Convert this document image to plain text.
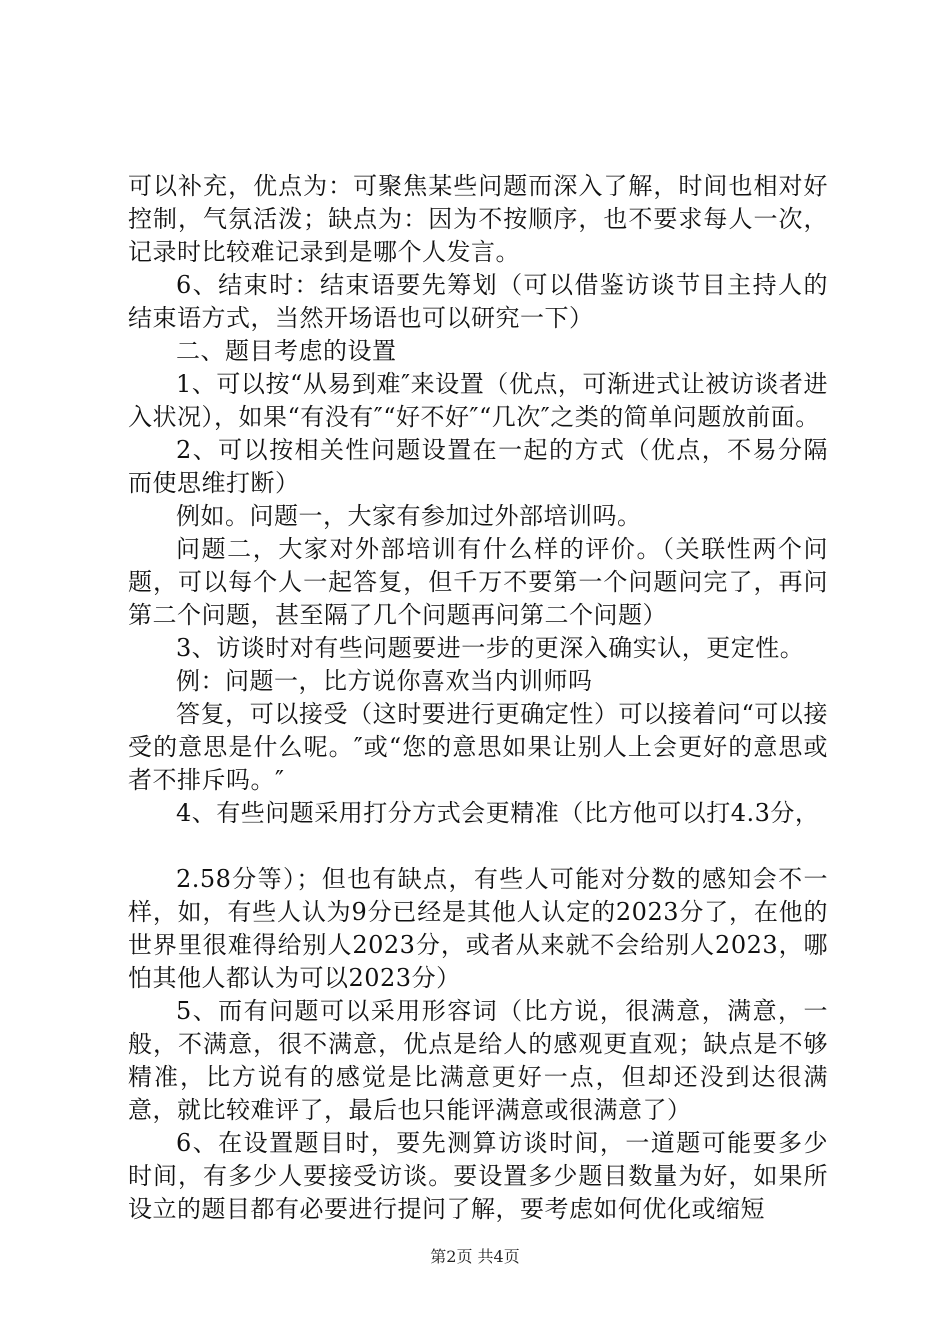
可以补充，优点为：可聚焦某些问题而深入了解，时间也相对好控制，气氛活泼；缺点为：因为不按顺序，也不要求每人一次，记录时比较难记录到是哪个人发言。

6、结束时：结束语要先筹划（可以借鉴访谈节目主持人的结束语方式，当然开场语也可以研究一下）

二、题目考虑的设置

1、可以按“从易到难″来设置（优点，可渐进式让被访谈者进入状况），如果“有没有″“好不好″“几次″之类的简单问题放前面。

2、可以按相关性问题设置在一起的方式（优点，不易分隔而使思维打断）

例如。问题一，大家有参加过外部培训吗。

问题二，大家对外部培训有什么样的评价。（关联性两个问题，可以每个人一起答复，但千万不要第一个问题问完了，再问第二个问题，甚至隔了几个问题再问第二个问题）

3、访谈时对有些问题要进一步的更深入确实认，更定性。

例：问题一，比方说你喜欢当内训师吗

答复，可以接受（这时要进行更确定性）可以接着问“可以接受的意思是什么呢。″或“您的意思如果让别人上会更好的意思或者不排斥吗。″

4、有些问题采用打分方式会更精准（比方他可以打4.3分，

2.58分等）；但也有缺点，有些人可能对分数的感知会不一样，如，有些人认为9分已经是其他人认定的2023分了，在他的世界里很难得给别人2023分，或者从来就不会给别人2023，哪怕其他人都认为可以2023分）

5、而有问题可以采用形容词（比方说，很满意，满意，一般，不满意，很不满意，优点是给人的感观更直观；缺点是不够精准，比方说有的感觉是比满意更好一点，但却还没到达很满意，就比较难评了，最后也只能评满意或很满意了）

6、在设置题目时，要先测算访谈时间，一道题可能要多少时间，有多少人要接受访谈。要设置多少题目数量为好，如果所设立的题目都有必要进行提问了解，要考虑如何优化或缩短

第2页 共4页
